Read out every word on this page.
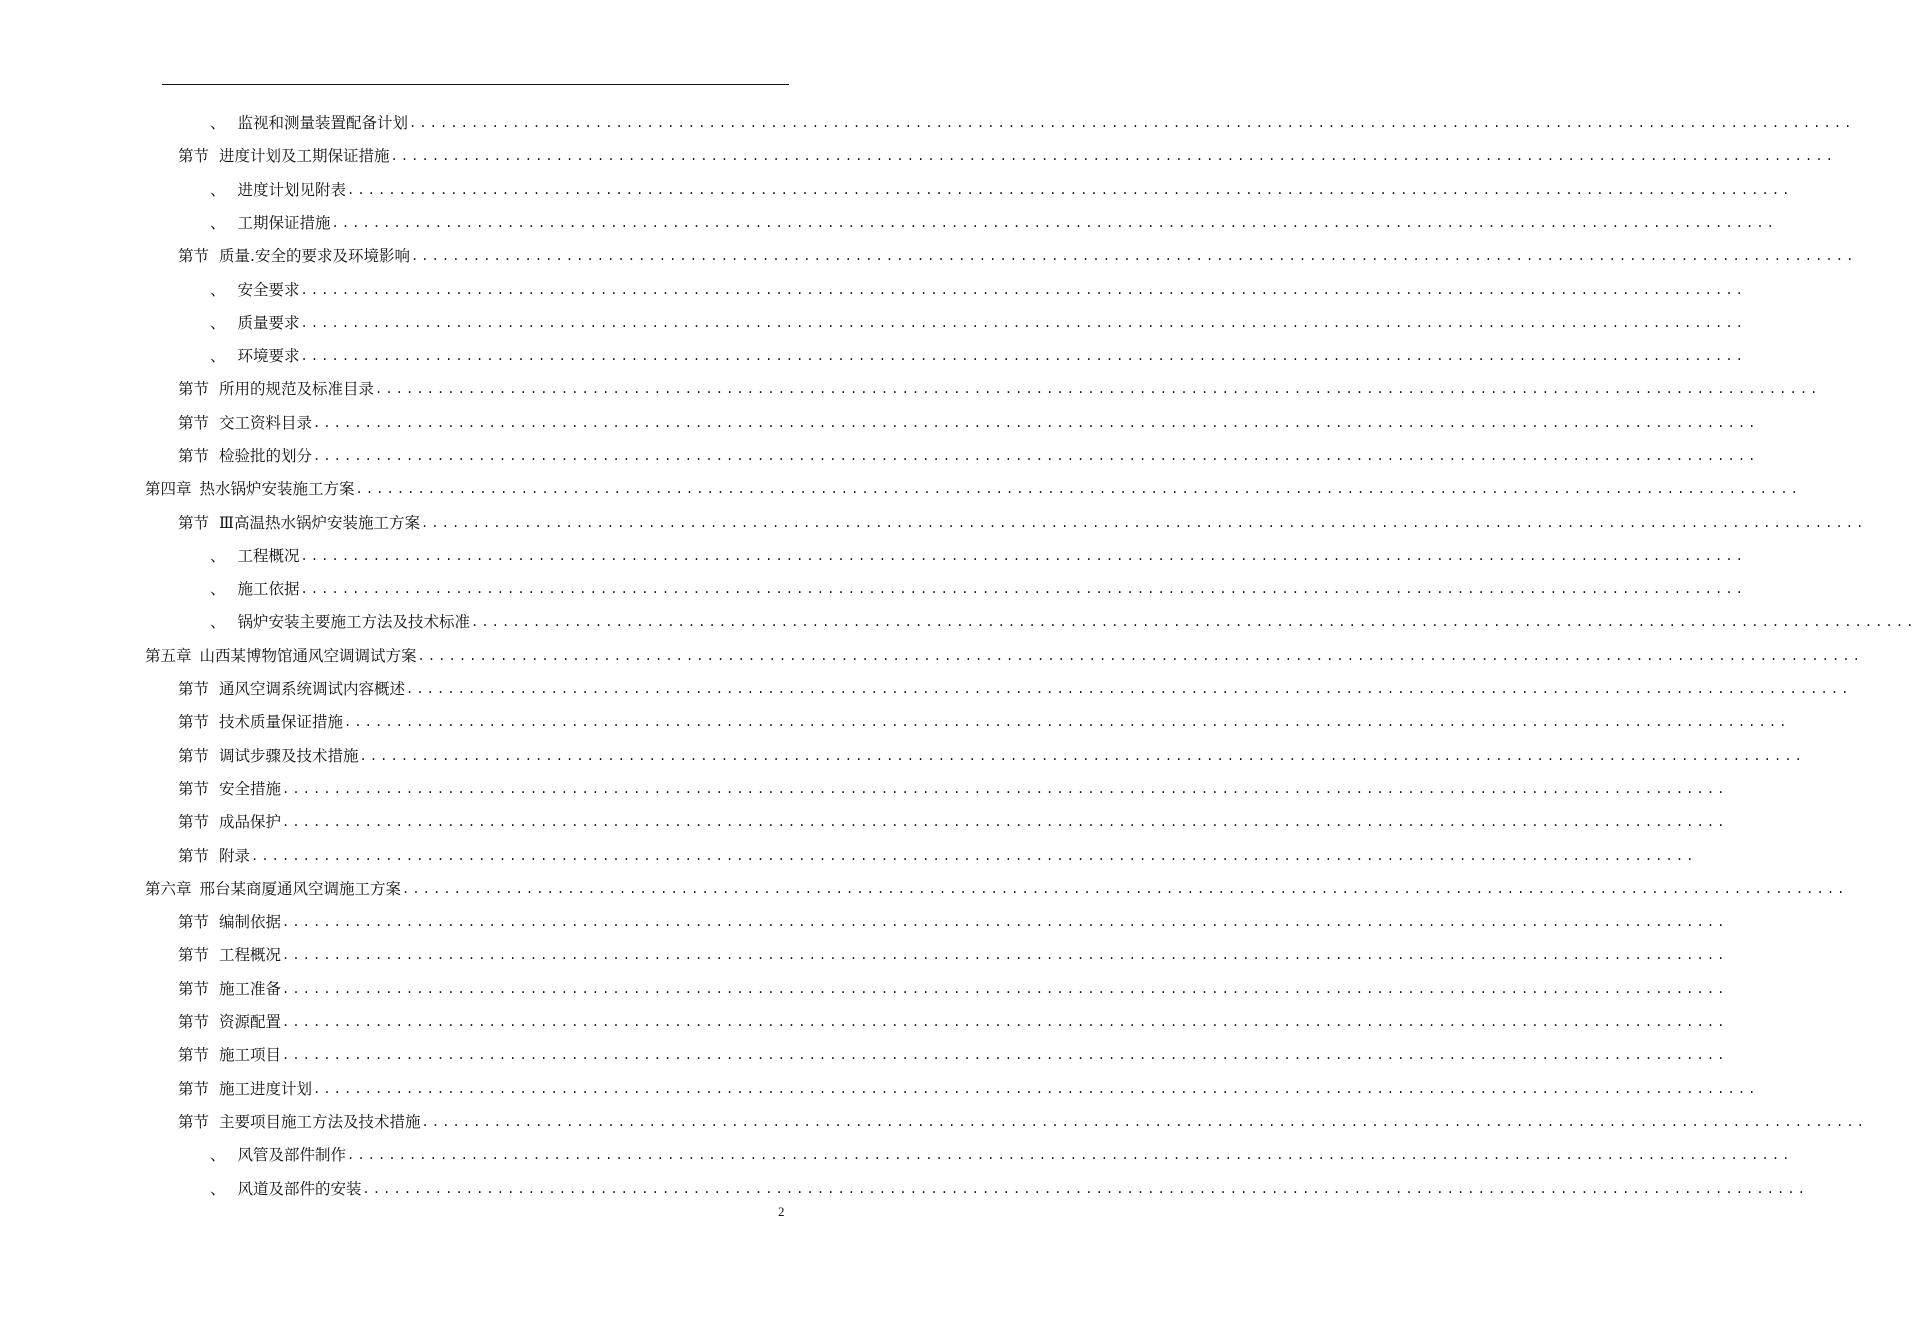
、 监视和测量装置配备计划 ............................................................................................................................................
第节 进度计划及工期保证措施 ............................................................................................................................................
、 进度计划见附表 ............................................................................................................................................
、 工期保证措施 ............................................................................................................................................
第节 质量.安全的要求及环境影响 ............................................................................................................................................
、 安全要求 ............................................................................................................................................
、 质量要求 ............................................................................................................................................
、 环境要求 ............................................................................................................................................
第节 所用的规范及标准目录 ............................................................................................................................................
第节 交工资料目录 ............................................................................................................................................
第节 检验批的划分 ............................................................................................................................................
第四章 热水锅炉安装施工方案 ............................................................................................................................................
第节 Ⅲ高温热水锅炉安装施工方案 ............................................................................................................................................
、 工程概况 ............................................................................................................................................
、 施工依据 ............................................................................................................................................
、 锅炉安装主要施工方法及技术标准 ............................................................................................................................................
第五章 山西某博物馆通风空调调试方案 ............................................................................................................................................
第节 通风空调系统调试内容概述 ............................................................................................................................................
第节 技术质量保证措施 ............................................................................................................................................
第节 调试步骤及技术措施 ............................................................................................................................................
第节 安全措施 ............................................................................................................................................
第节 成品保护 ............................................................................................................................................
第节 附录 ............................................................................................................................................
第六章 邢台某商厦通风空调施工方案 ............................................................................................................................................
第节 编制依据 ............................................................................................................................................
第节 工程概况 ............................................................................................................................................
第节 施工准备 ............................................................................................................................................
第节 资源配置 ............................................................................................................................................
第节 施工项目 ............................................................................................................................................
第节 施工进度计划 ............................................................................................................................................
第节 主要项目施工方法及技术措施 ............................................................................................................................................
、 风管及部件制作 ............................................................................................................................................
、 风道及部件的安装 ............................................................................................................................................
2
